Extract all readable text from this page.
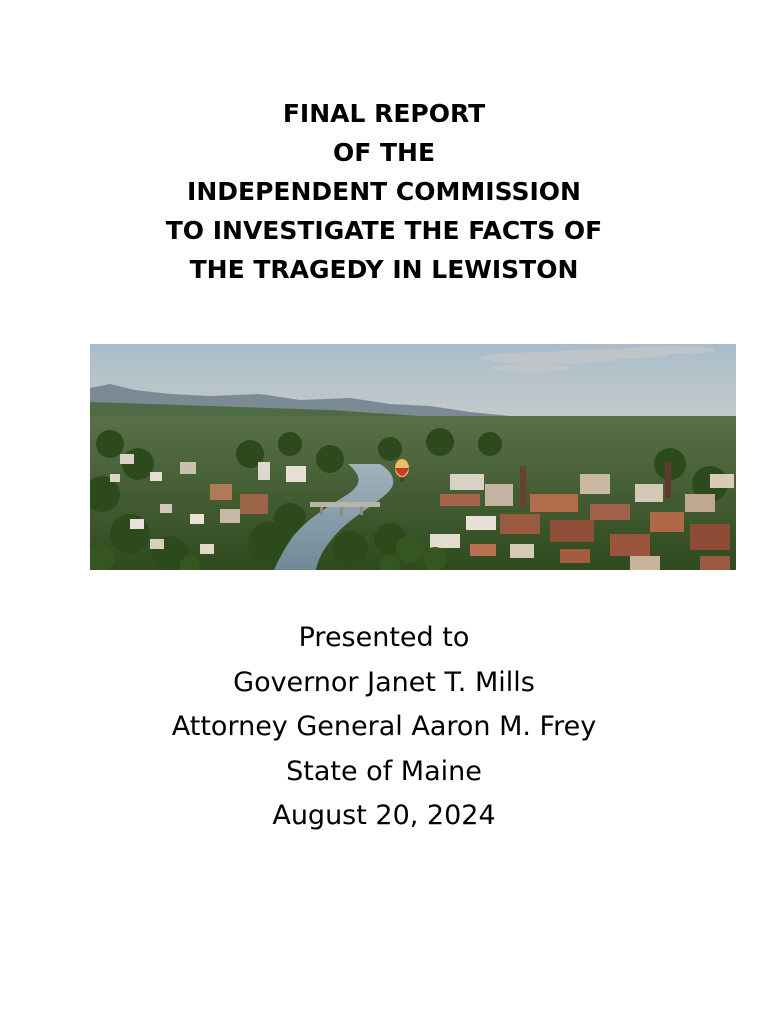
FINAL REPORT
OF THE
INDEPENDENT COMMISSION
TO INVESTIGATE THE FACTS OF
THE TRAGEDY IN LEWISTON
Presented to
Governor Janet T. Mills
Attorney General Aaron M. Frey
State of Maine
August 20, 2024
